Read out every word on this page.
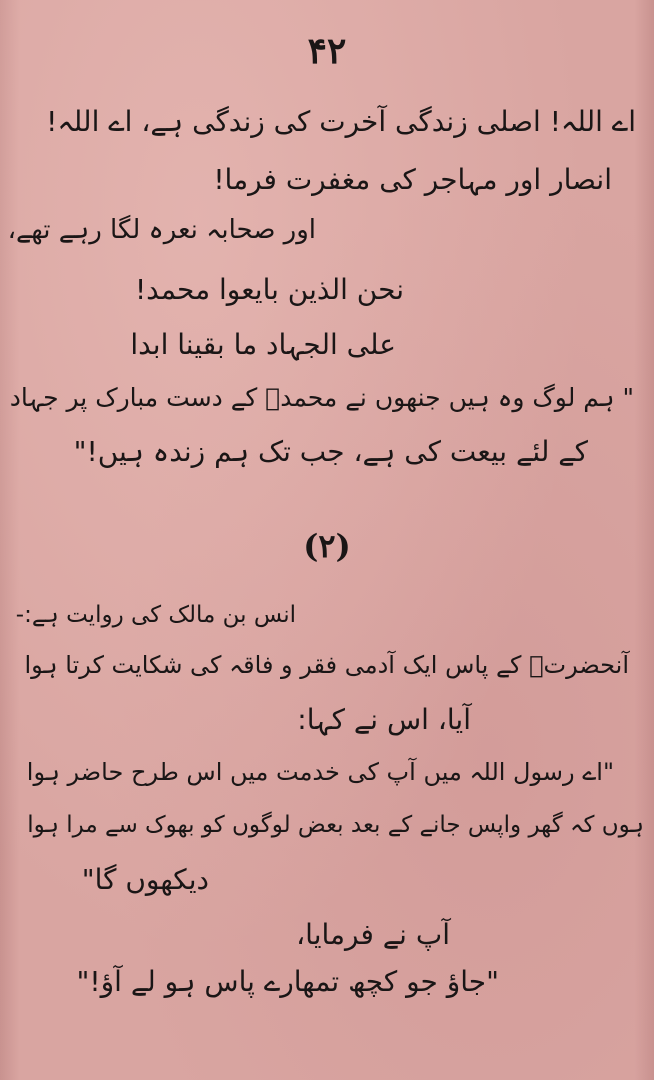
۴۲
اے اللہ! اصلی زندگی آخرت کی زندگی ہے، اے اللہ!
انصار اور مہاجر کی مغفرت فرما!
اور صحابہ نعرہ لگا رہے تھے،
نحن الذین بایعوا محمد!
علی الجہاد ما بقینا ابدا
" ہم لوگ وہ ہیں جنھوں نے محمدؐ کے دست مبارک پر جہاد
کے لئے بیعت کی ہے، جب تک ہم زندہ ہیں!"
(۲)
انس بن مالک کی روایت ہے:-
آنحضرتؐ کے پاس ایک آدمی فقر و فاقہ کی شکایت کرتا ہوا
آیا، اس نے کہا:
"اے رسول اللہ میں آپ کی خدمت میں اس طرح حاضر ہوا
ہوں کہ گھر واپس جانے کے بعد بعض لوگوں کو بھوک سے مرا ہوا
دیکھوں گا"
آپ نے فرمایا،
"جاؤ جو کچھ تمھارے پاس ہو لے آؤ!"
